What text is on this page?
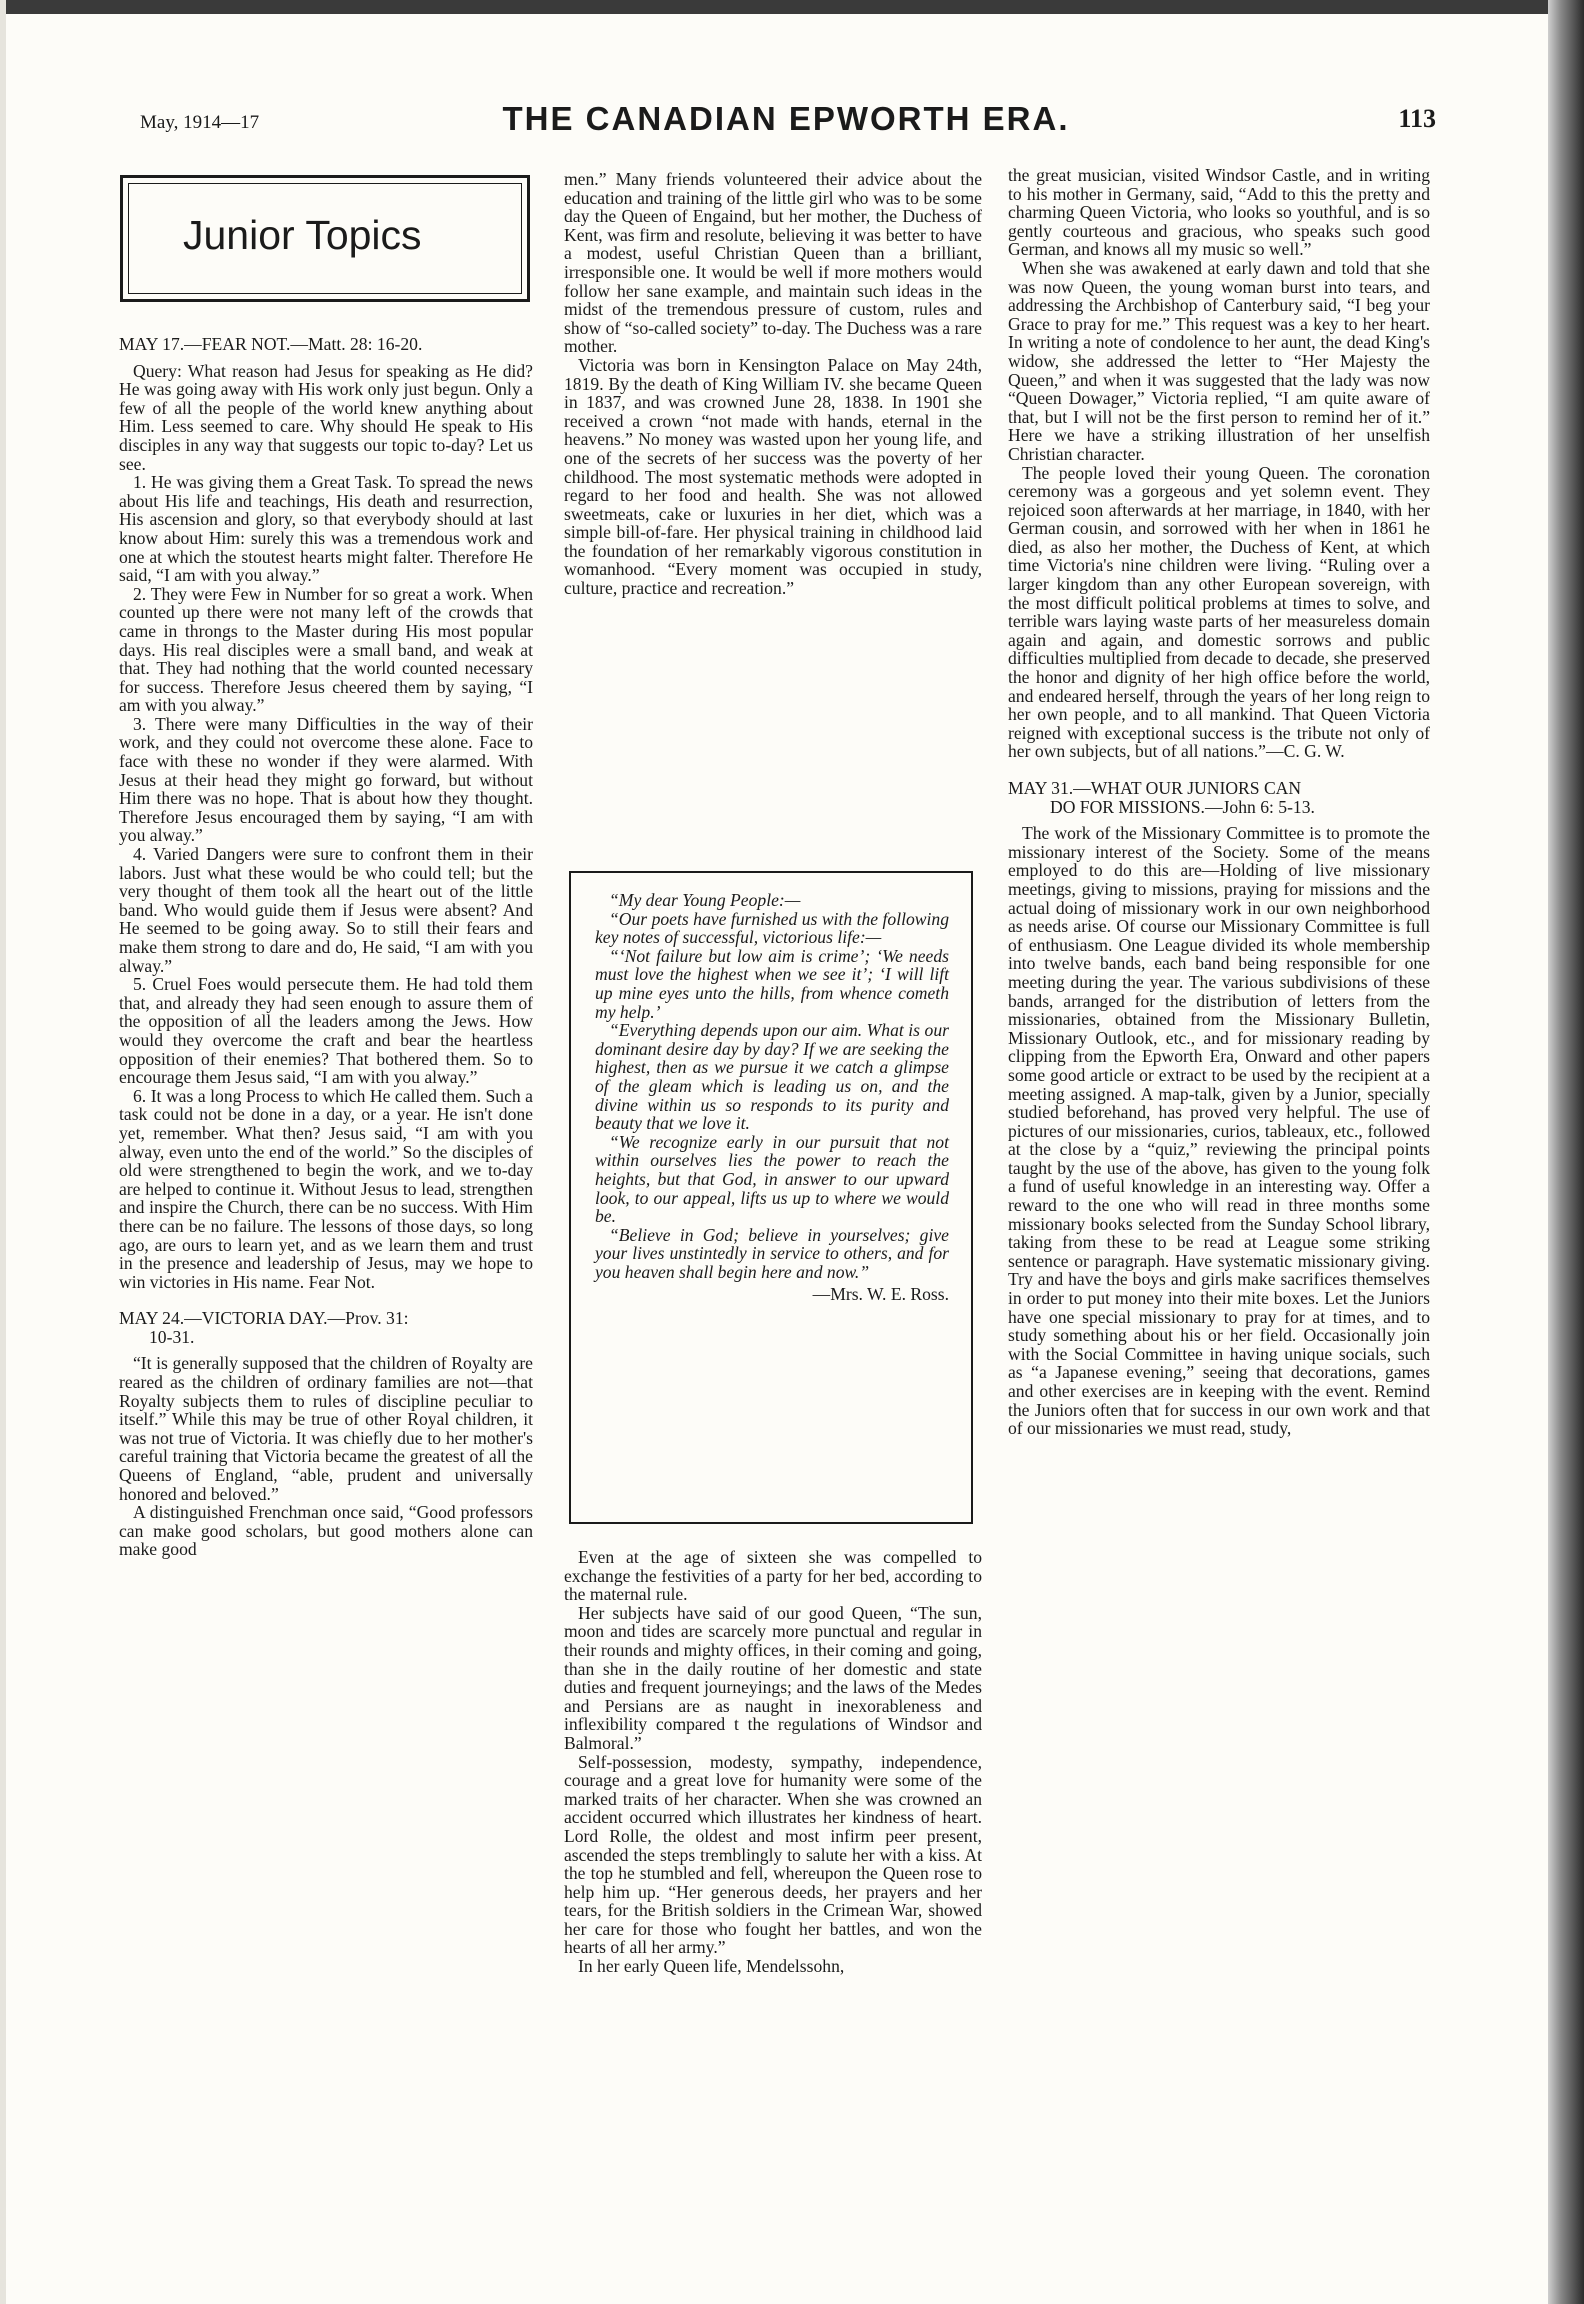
May, 1914—17	THE CANADIAN EPWORTH ERA.	113
Junior Topics
MAY 17.—FEAR NOT.—Matt. 28: 16-20.

Query: What reason had Jesus for speaking as He did? He was going away with His work only just begun. Only a few of all the people of the world knew anything about Him. Less seemed to care. Why should He speak to His disciples in any way that suggests our topic to-day? Let us see.

1. He was giving them a Great Task. To spread the news about His life and teachings, His death and resurrection, His ascension and glory, so that everybody should at last know about Him: surely this was a tremendous work and one at which the stoutest hearts might falter. Therefore He said, “I am with you alway.”

2. They were Few in Number for so great a work. When counted up there were not many left of the crowds that came in throngs to the Master during His most popular days. His real disciples were a small band, and weak at that. They had nothing that the world counted necessary for success. Therefore Jesus cheered them by saying, “I am with you alway.”

3. There were many Difficulties in the way of their work, and they could not overcome these alone. Face to face with these no wonder if they were alarmed. With Jesus at their head they might go forward, but without Him there was no hope. That is about how they thought. Therefore Jesus encouraged them by saying, “I am with you alway.”

4. Varied Dangers were sure to confront them in their labors. Just what these would be who could tell; but the very thought of them took all the heart out of the little band. Who would guide them if Jesus were absent? And He seemed to be going away. So to still their fears and make them strong to dare and do, He said, “I am with you alway.”

5. Cruel Foes would persecute them. He had told them that, and already they had seen enough to assure them of the opposition of all the leaders among the Jews. How would they overcome the craft and bear the heartless opposition of their enemies? That bothered them. So to encourage them Jesus said, “I am with you alway.”

6. It was a long Process to which He called them. Such a task could not be done in a day, or a year. He isn't done yet, remember. What then? Jesus said, “I am with you alway, even unto the end of the world.” So the disciples of old were strengthened to begin the work, and we to-day are helped to continue it. Without Jesus to lead, strengthen and inspire the Church, there can be no success. With Him there can be no failure. The lessons of those days, so long ago, are ours to learn yet, and as we learn them and trust in the presence and leadership of Jesus, may we hope to win victories in His name. Fear Not.

MAY 24.—VICTORIA DAY.—Prov. 31:
10-31.

“It is generally supposed that the children of Royalty are reared as the children of ordinary families are not—that Royalty subjects them to rules of discipline peculiar to itself.” While this may be true of other Royal children, it was not true of Victoria. It was chiefly due to her mother's careful training that Victoria became the greatest of all the Queens of England, “able, prudent and universally honored and beloved.”

A distinguished Frenchman once said, “Good professors can make good scholars, but good mothers alone can make good

men.” Many friends volunteered their advice about the education and training of the little girl who was to be some day the Queen of Engaind, but her mother, the Duchess of Kent, was firm and resolute, believing it was better to have a modest, useful Christian Queen than a brilliant, irresponsible one. It would be well if more mothers would follow her sane example, and maintain such ideas in the midst of the tremendous pressure of custom, rules and show of “so-called society” to-day. The Duchess was a rare mother.

Victoria was born in Kensington Palace on May 24th, 1819. By the death of King William IV. she became Queen in 1837, and was crowned June 28, 1838. In 1901 she received a crown “not made with hands, eternal in the heavens.” No money was wasted upon her young life, and one of the secrets of her success was the poverty of her childhood. The most systematic methods were adopted in regard to her food and health. She was not allowed sweetmeats, cake or luxuries in her diet, which was a simple bill-of-fare. Her physical training in childhood laid the foundation of her remarkably vigorous constitution in womanhood. “Every moment was occupied in study, culture, practice and recreation.”

“My dear Young People:—

“Our poets have furnished us with the following key notes of successful, victorious life:—

“‘Not failure but low aim is crime’; ‘We needs must love the highest when we see it’; ‘I will lift up mine eyes unto the hills, from whence cometh my help.’

“Everything depends upon our aim. What is our dominant desire day by day? If we are seeking the highest, then as we pursue it we catch a glimpse of the gleam which is leading us on, and the divine within us so responds to its purity and beauty that we love it.

“We recognize early in our pursuit that not within ourselves lies the power to reach the heights, but that God, in answer to our upward look, to our appeal, lifts us up to where we would be.

“Believe in God; believe in yourselves; give your lives unstintedly in service to others, and for you heaven shall begin here and now.”

—Mrs. W. E. Ross.

Even at the age of sixteen she was compelled to exchange the festivities of a party for her bed, according to the maternal rule.

Her subjects have said of our good Queen, “The sun, moon and tides are scarcely more punctual and regular in their rounds and mighty offices, in their coming and going, than she in the daily routine of her domestic and state duties and frequent journeyings; and the laws of the Medes and Persians are as naught in inexorableness and inflexibility compared t the regulations of Windsor and Balmoral.”

Self-possession, modesty, sympathy, independence, courage and a great love for humanity were some of the marked traits of her character. When she was crowned an accident occurred which illustrates her kindness of heart. Lord Rolle, the oldest and most infirm peer present, ascended the steps tremblingly to salute her with a kiss. At the top he stumbled and fell, whereupon the Queen rose to help him up. “Her generous deeds, her prayers and her tears, for the British soldiers in the Crimean War, showed her care for those who fought her battles, and won the hearts of all her army.”

In her early Queen life, Mendelssohn,

the great musician, visited Windsor Castle, and in writing to his mother in Germany, said, “Add to this the pretty and charming Queen Victoria, who looks so youthful, and is so gently courteous and gracious, who speaks such good German, and knows all my music so well.”

When she was awakened at early dawn and told that she was now Queen, the young woman burst into tears, and addressing the Archbishop of Canterbury said, “I beg your Grace to pray for me.” This request was a key to her heart. In writing a note of condolence to her aunt, the dead King's widow, she addressed the letter to “Her Majesty the Queen,” and when it was suggested that the lady was now “Queen Dowager,” Victoria replied, “I am quite aware of that, but I will not be the first person to remind her of it.” Here we have a striking illustration of her unselfish Christian character.

The people loved their young Queen. The coronation ceremony was a gorgeous and yet solemn event. They rejoiced soon afterwards at her marriage, in 1840, with her German cousin, and sorrowed with her when in 1861 he died, as also her mother, the Duchess of Kent, at which time Victoria's nine children were living. “Ruling over a larger kingdom than any other European sovereign, with the most difficult political problems at times to solve, and terrible wars laying waste parts of her measureless domain again and again, and domestic sorrows and public difficulties multiplied from decade to decade, she preserved the honor and dignity of her high office before the world, and endeared herself, through the years of her long reign to her own people, and to all mankind. That Queen Victoria reigned with exceptional success is the tribute not only of her own subjects, but of all nations.”—C. G. W.

MAY 31.—WHAT OUR JUNIORS CAN
DO FOR MISSIONS.—John 6: 5-13.

The work of the Missionary Committee is to promote the missionary interest of the Society. Some of the means employed to do this are—Holding of live missionary meetings, giving to missions, praying for missions and the actual doing of missionary work in our own neighborhood as needs arise. Of course our Missionary Committee is full of enthusiasm. One League divided its whole membership into twelve bands, each band being responsible for one meeting during the year. The various subdivisions of these bands, arranged for the distribution of letters from the missionaries, obtained from the Missionary Bulletin, Missionary Outlook, etc., and for missionary reading by clipping from the Epworth Era, Onward and other papers some good article or extract to be used by the recipient at a meeting assigned. A map-talk, given by a Junior, specially studied beforehand, has proved very helpful. The use of pictures of our missionaries, curios, tableaux, etc., followed at the close by a “quiz,” reviewing the principal points taught by the use of the above, has given to the young folk a fund of useful knowledge in an interesting way. Offer a reward to the one who will read in three months some missionary books selected from the Sunday School library, taking from these to be read at League some striking sentence or paragraph. Have systematic missionary giving. Try and have the boys and girls make sacrifices themselves in order to put money into their mite boxes. Let the Juniors have one special missionary to pray for at times, and to study something about his or her field. Occasionally join with the Social Committee in having unique socials, such as “a Japanese evening,” seeing that decorations, games and other exercises are in keeping with the event. Remind the Juniors often that for success in our own work and that of our missionaries we must read, study,
